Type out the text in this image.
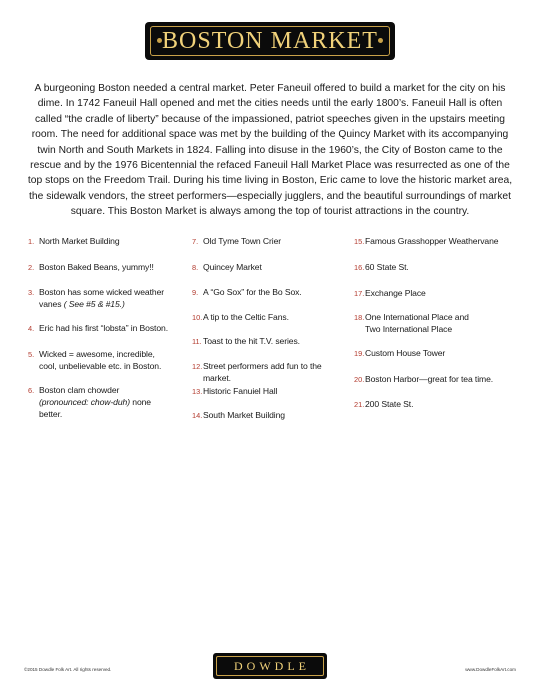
BOSTON MARKET

A burgeoning Boston needed a central market. Peter Faneuil offered to build a market for the city on his dime. In 1742 Faneuil Hall opened and met the cities needs until the early 1800’s. Faneuil Hall is often called “the cradle of liberty” because of the impassioned, patriot speeches given in the upstairs meeting room. The need for additional space was met by the building of the Quincy Market with its accompanying twin North and South Markets in 1824. Falling into disuse in the 1960’s, the City of Boston came to the rescue and by the 1976 Bicentennial the refaced Faneuil Hall Market Place was resurrected as one of the top stops on the Freedom Trail. During his time living in Boston, Eric came to love the historic market area, the sidewalk vendors, the street performers—especially jugglers, and the beautiful surroundings of market square. This Boston Market is always among the top of tourist attractions in the country.

1. North Market Building
2. Boston Baked Beans, yummy!!
3. Boston has some wicked weather vanes ( See #5 & #15.)
4. Eric had his first “lobsta” in Boston.
5. Wicked = awesome, incredible, cool, unbelievable etc. in Boston.
6. Boston clam chowder (pronounced: chow-duh) none better.
7. Old Tyme Town Crier
8. Quincey Market
9. A “Go Sox” for the Bo Sox.
10. A tip to the Celtic Fans.
11. Toast to the hit T.V. series.
12. Street performers add fun to the market.
13. Historic Fanuiel Hall
14. South Market Building
15. Famous Grasshopper Weathervane
16. 60 State St.
17. Exchange Place
18. One International Place and
Two International Place
19. Custom House Tower
20. Boston Harbor—great for tea time.
21. 200 State St.
©2015 Dowdle Folk Art. All rights reserved.	DOWDLE	www.DowdleFolkArt.com
